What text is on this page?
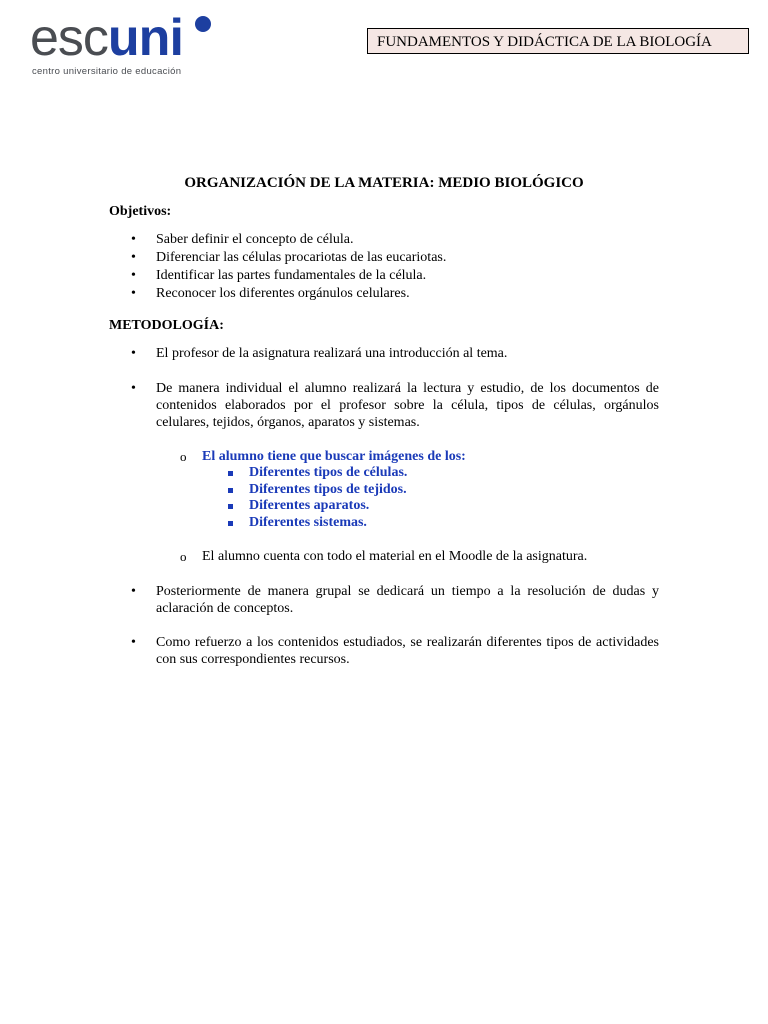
escuni
centro universitario de educación
FUNDAMENTOS Y DIDÁCTICA DE LA BIOLOGÍA
ORGANIZACIÓN DE LA MATERIA: MEDIO BIOLÓGICO
Objetivos:
• Saber definir el concepto de célula.
• Diferenciar las células procariotas de las eucariotas.
• Identificar las partes fundamentales de la célula.
• Reconocer los diferentes orgánulos celulares.
METODOLOGÍA:
• El profesor de la asignatura realizará una introducción al tema.
• De manera individual el alumno realizará la lectura y estudio, de los documentos de contenidos elaborados por el profesor sobre la célula, tipos de células, orgánulos celulares, tejidos, órganos, aparatos y sistemas.
o	El alumno tiene que buscar imágenes de los:
Diferentes tipos de células.
Diferentes tipos de tejidos.
Diferentes aparatos.
Diferentes sistemas.
o	El alumno cuenta con todo el material en el Moodle de la asignatura.
• Posteriormente de manera grupal se dedicará un tiempo a la resolución de dudas y aclaración de conceptos.
• Como refuerzo a los contenidos estudiados, se realizarán diferentes tipos de actividades con sus correspondientes recursos.
